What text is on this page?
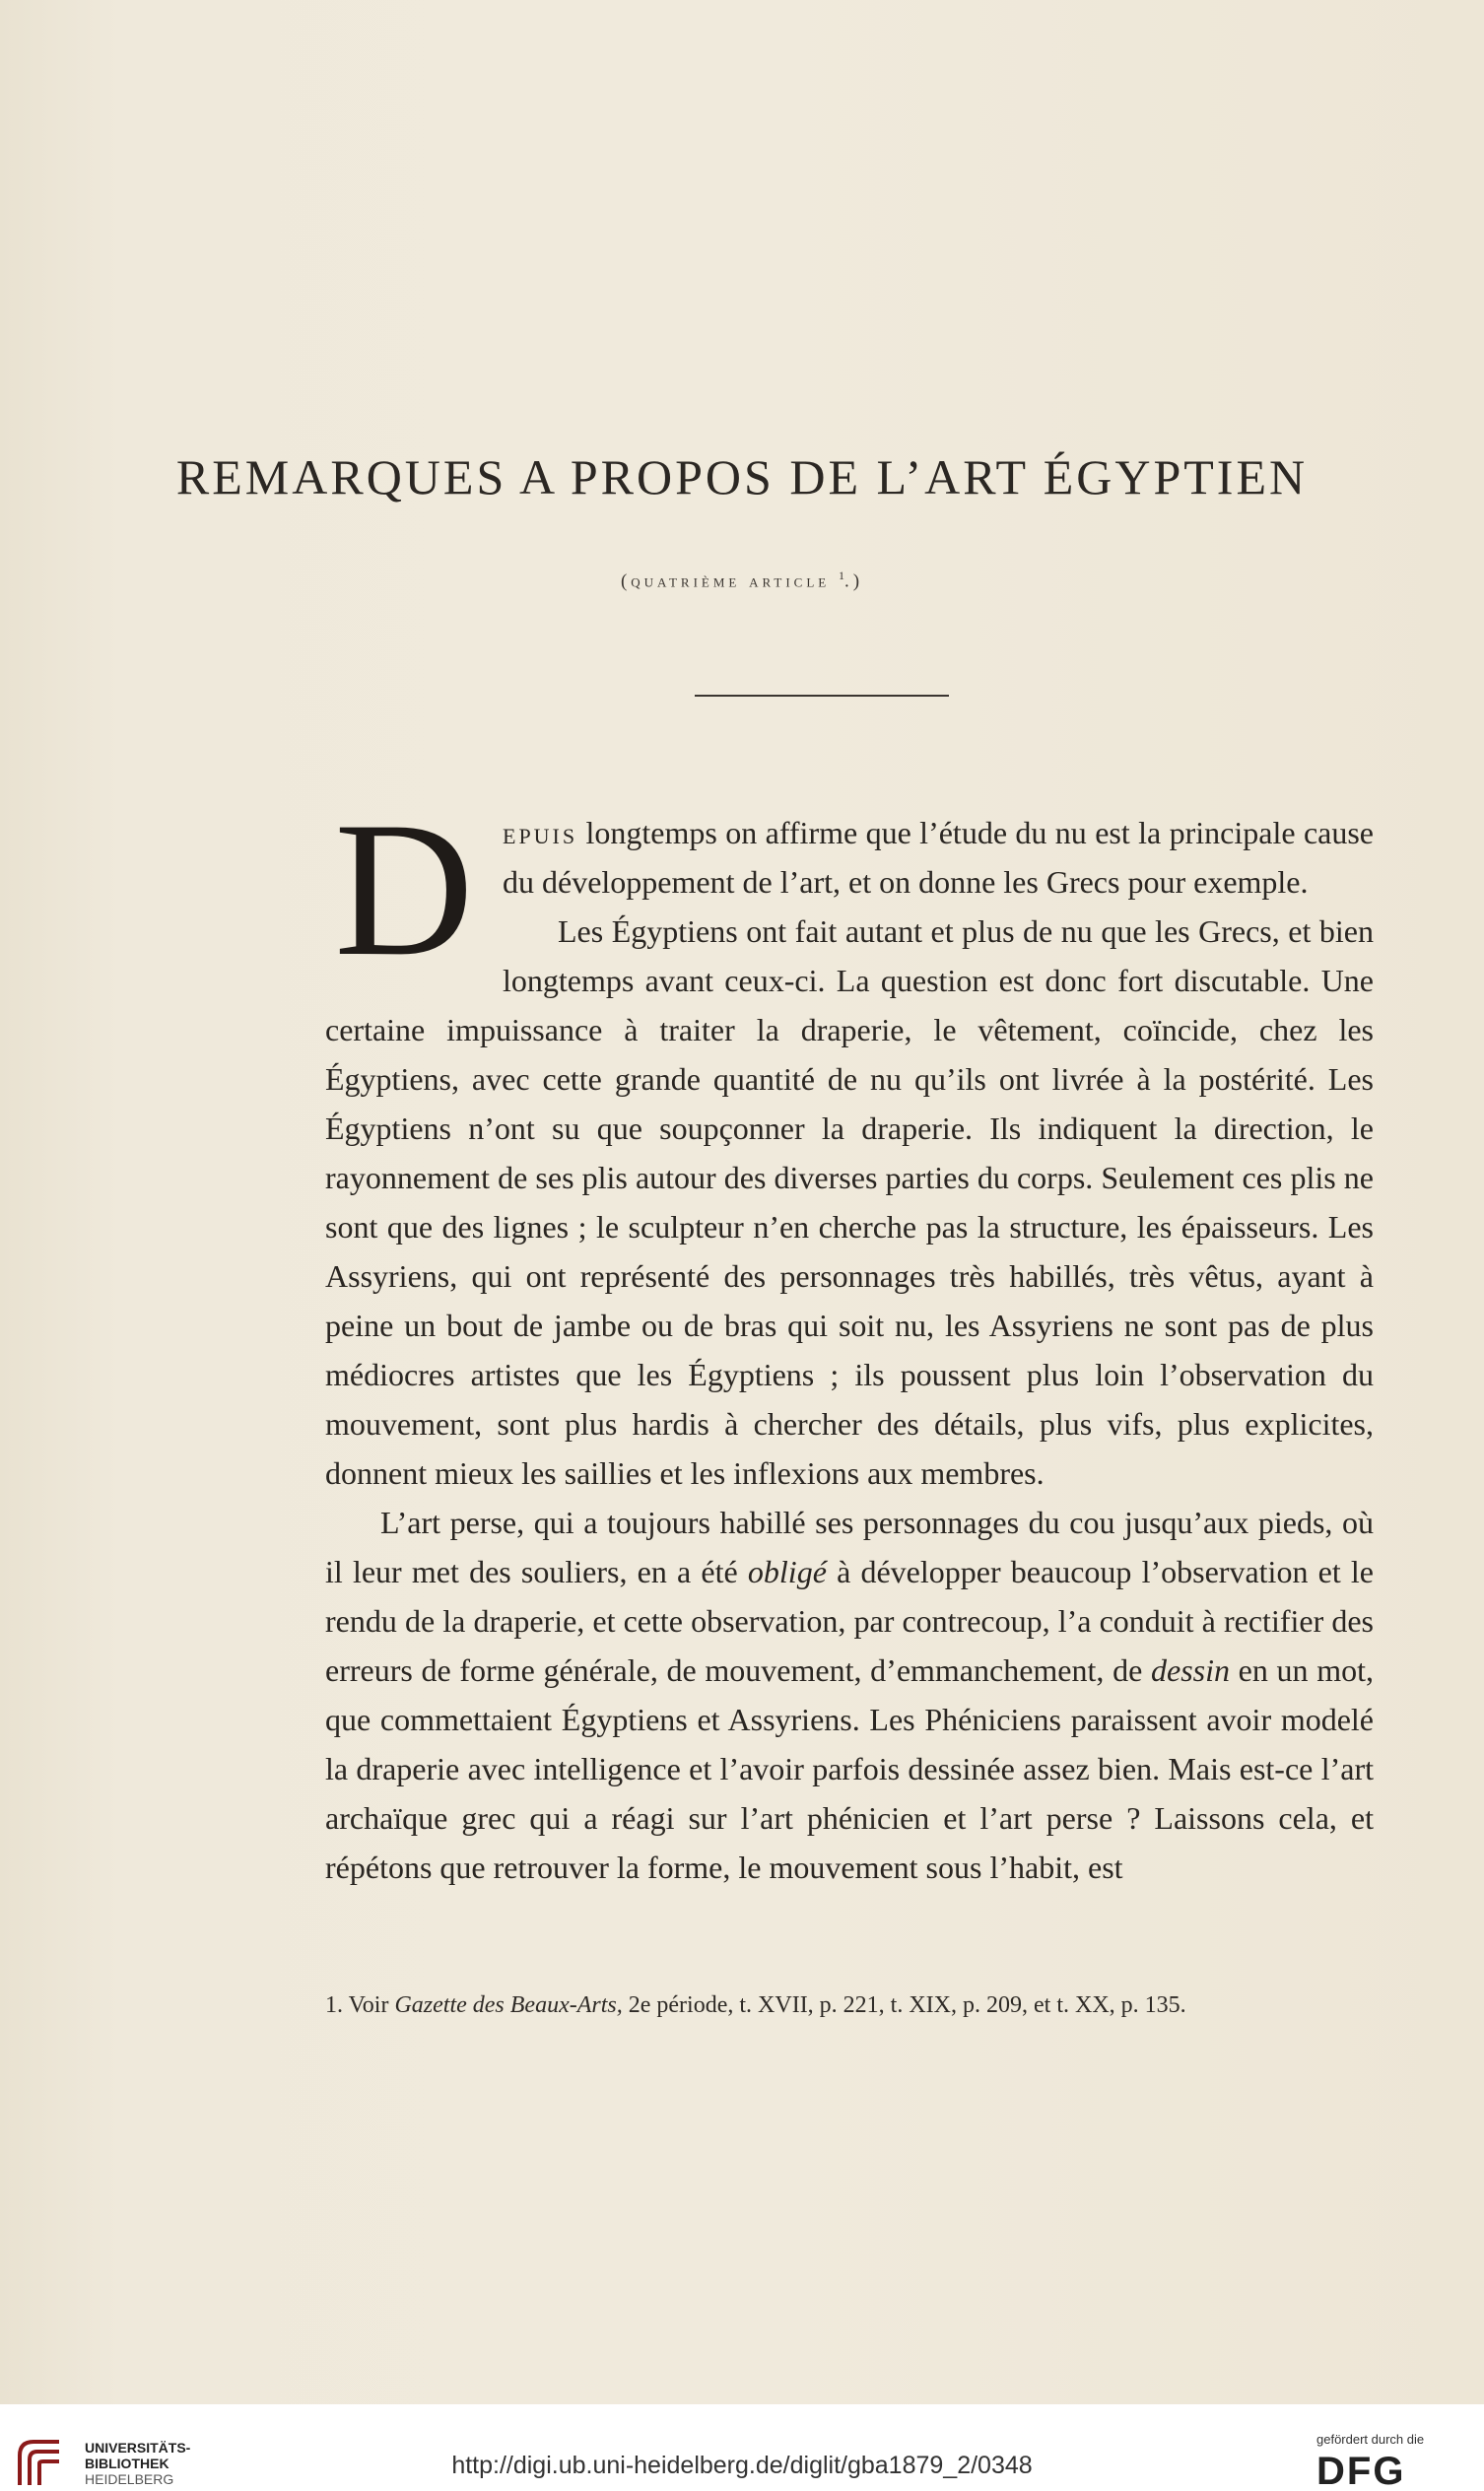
REMARQUES A PROPOS DE L’ART ÉGYPTIEN
(quatrième article $^1$.)

Depuis longtemps on affirme que l’étude du nu est la principale cause du développement de l’art, et on donne les Grecs pour exemple.

Les Égyptiens ont fait autant et plus de nu que les Grecs, et bien longtemps avant ceux-ci. La question est donc fort discutable. Une certaine impuissance à traiter la draperie, le vêtement, coïncide, chez les Égyptiens, avec cette grande quantité de nu qu’ils ont livrée à la postérité. Les Égyptiens n’ont su que soupçonner la draperie. Ils indiquent la direction, le rayonnement de ses plis autour des diverses parties du corps. Seulement ces plis ne sont que des lignes ; le sculpteur n’en cherche pas la structure, les épaisseurs. Les Assyriens, qui ont représenté des personnages très habillés, très vêtus, ayant à peine un bout de jambe ou de bras qui soit nu, les Assyriens ne sont pas de plus médiocres artistes que les Égyptiens ; ils poussent plus loin l’observation du mouvement, sont plus hardis à chercher des détails, plus vifs, plus explicites, donnent mieux les saillies et les inflexions aux membres.

L’art perse, qui a toujours habillé ses personnages du cou jusqu’aux pieds, où il leur met des souliers, en a été obligé à développer beaucoup l’observation et le rendu de la draperie, et cette observation, par contrecoup, l’a conduit à rectifier des erreurs de forme générale, de mouvement, d’emmanchement, de dessin en un mot, que commettaient Égyptiens et Assyriens. Les Phéniciens paraissent avoir modelé la draperie avec intelligence et l’avoir parfois dessinée assez bien. Mais est-ce l’art archaïque grec qui a réagi sur l’art phénicien et l’art perse ? Laissons cela, et répétons que retrouver la forme, le mouvement sous l’habit, est

1. Voir Gazette des Beaux-Arts, 2e période, t. XVII, p. 221, t. XIX, p. 209, et t. XX, p. 135.
UNIVERSITÄTS-
BIBLIOTHEK
HEIDELBERG	http://digi.ub.uni-heidelberg.de/diglit/gba1879_2/0348
gefördert durch die
DFG
